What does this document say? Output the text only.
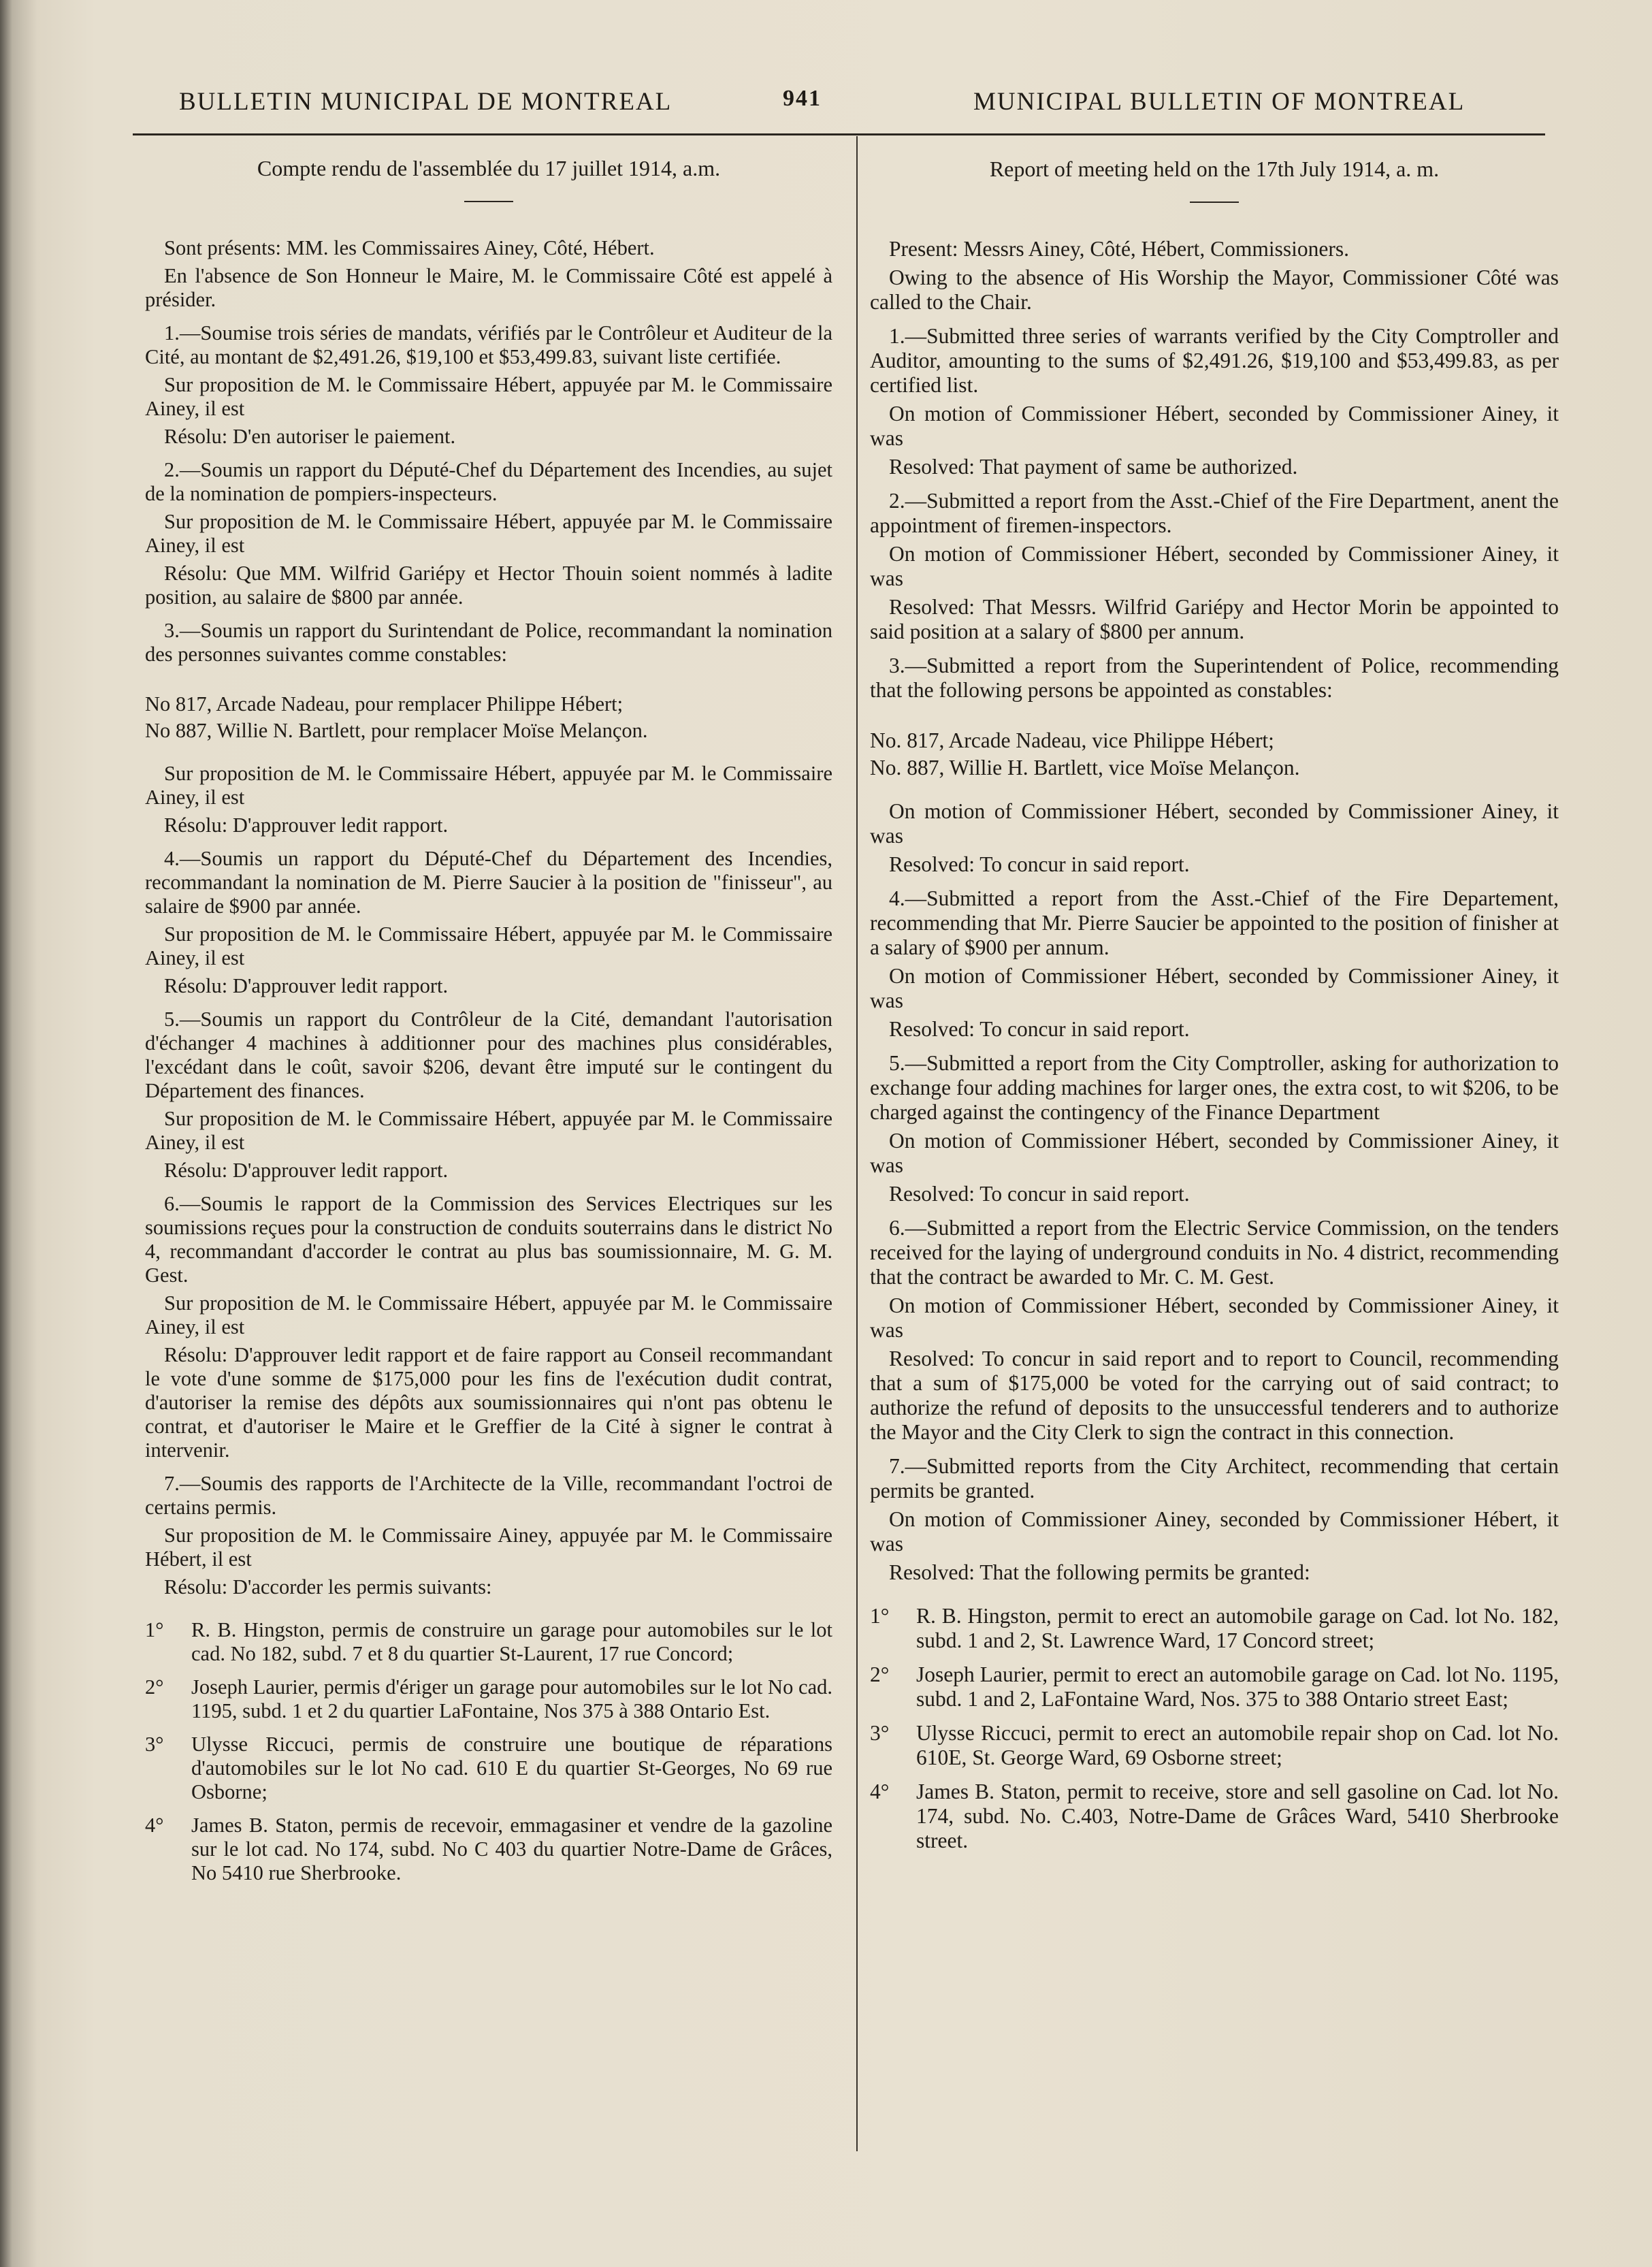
BULLETIN MUNICIPAL DE MONTREAL	941	MUNICIPAL BULLETIN OF MONTREAL
Compte rendu de l'assemblée du 17 juillet 1914, a.m.

Sont présents: MM. les Commissaires Ainey, Côté, Hébert.

En l'absence de Son Honneur le Maire, M. le Commissaire Côté est appelé à présider.

1.—Soumise trois séries de mandats, vérifiés par le Contrôleur et Auditeur de la Cité, au montant de $2,491.26, $19,100 et $53,499.83, suivant liste certifiée.

Sur proposition de M. le Commissaire Hébert, appuyée par M. le Commissaire Ainey, il est

Résolu: D'en autoriser le paiement.

2.—Soumis un rapport du Député-Chef du Département des Incendies, au sujet de la nomination de pompiers-inspecteurs.

Sur proposition de M. le Commissaire Hébert, appuyée par M. le Commissaire Ainey, il est

Résolu: Que MM. Wilfrid Gariépy et Hector Thouin soient nommés à ladite position, au salaire de $800 par année.

3.—Soumis un rapport du Surintendant de Police, recommandant la nomination des personnes suivantes comme constables:

No 817, Arcade Nadeau, pour remplacer Philippe Hébert;

No 887, Willie N. Bartlett, pour remplacer Moïse Melançon.

Sur proposition de M. le Commissaire Hébert, appuyée par M. le Commissaire Ainey, il est

Résolu: D'approuver ledit rapport.

4.—Soumis un rapport du Député-Chef du Département des Incendies, recommandant la nomination de M. Pierre Saucier à la position de "finisseur", au salaire de $900 par année.

Sur proposition de M. le Commissaire Hébert, appuyée par M. le Commissaire Ainey, il est

Résolu: D'approuver ledit rapport.

5.—Soumis un rapport du Contrôleur de la Cité, demandant l'autorisation d'échanger 4 machines à additionner pour des machines plus considérables, l'excédant dans le coût, savoir $206, devant être imputé sur le contingent du Département des finances.

Sur proposition de M. le Commissaire Hébert, appuyée par M. le Commissaire Ainey, il est

Résolu: D'approuver ledit rapport.

6.—Soumis le rapport de la Commission des Services Electriques sur les soumissions reçues pour la construction de conduits souterrains dans le district No 4, recommandant d'accorder le contrat au plus bas soumissionnaire, M. G. M. Gest.

Sur proposition de M. le Commissaire Hébert, appuyée par M. le Commissaire Ainey, il est

Résolu: D'approuver ledit rapport et de faire rapport au Conseil recommandant le vote d'une somme de $175,000 pour les fins de l'exécution dudit contrat, d'autoriser la remise des dépôts aux soumissionnaires qui n'ont pas obtenu le contrat, et d'autoriser le Maire et le Greffier de la Cité à signer le contrat à intervenir.

7.—Soumis des rapports de l'Architecte de la Ville, recommandant l'octroi de certains permis.

Sur proposition de M. le Commissaire Ainey, appuyée par M. le Commissaire Hébert, il est

Résolu: D'accorder les permis suivants:

1°	R. B. Hingston, permis de construire un garage pour automobiles sur le lot cad. No 182, subd. 7 et 8 du quartier St-Laurent, 17 rue Concord;
2°	Joseph Laurier, permis d'ériger un garage pour automobiles sur le lot No cad. 1195, subd. 1 et 2 du quartier LaFontaine, Nos 375 à 388 Ontario Est.
3°	Ulysse Riccuci, permis de construire une boutique de réparations d'automobiles sur le lot No cad. 610 E du quartier St-Georges, No 69 rue Osborne;
4°	James B. Staton, permis de recevoir, emmagasiner et vendre de la gazoline sur le lot cad. No 174, subd. No C 403 du quartier Notre-Dame de Grâces, No 5410 rue Sherbrooke.
Report of meeting held on the 17th July 1914, a. m.

Present: Messrs Ainey, Côté, Hébert, Commissioners.

Owing to the absence of His Worship the Mayor, Commissioner Côté was called to the Chair.

1.—Submitted three series of warrants verified by the City Comptroller and Auditor, amounting to the sums of $2,491.26, $19,100 and $53,499.83, as per certified list.

On motion of Commissioner Hébert, seconded by Commissioner Ainey, it was

Resolved: That payment of same be authorized.

2.—Submitted a report from the Asst.-Chief of the Fire Department, anent the appointment of firemen-inspectors.

On motion of Commissioner Hébert, seconded by Commissioner Ainey, it was

Resolved: That Messrs. Wilfrid Gariépy and Hector Morin be appointed to said position at a salary of $800 per annum.

3.—Submitted a report from the Superintendent of Police, recommending that the following persons be appointed as constables:

No. 817, Arcade Nadeau, vice Philippe Hébert;

No. 887, Willie H. Bartlett, vice Moïse Melançon.

On motion of Commissioner Hébert, seconded by Commissioner Ainey, it was

Resolved: To concur in said report.

4.—Submitted a report from the Asst.-Chief of the Fire Departement, recommending that Mr. Pierre Saucier be appointed to the position of finisher at a salary of $900 per annum.

On motion of Commissioner Hébert, seconded by Commissioner Ainey, it was

Resolved: To concur in said report.

5.—Submitted a report from the City Comptroller, asking for authorization to exchange four adding machines for larger ones, the extra cost, to wit $206, to be charged against the contingency of the Finance Department

On motion of Commissioner Hébert, seconded by Commissioner Ainey, it was

Resolved: To concur in said report.

6.—Submitted a report from the Electric Service Commission, on the tenders received for the laying of underground conduits in No. 4 district, recommending that the contract be awarded to Mr. C. M. Gest.

On motion of Commissioner Hébert, seconded by Commissioner Ainey, it was

Resolved: To concur in said report and to report to Council, recommending that a sum of $175,000 be voted for the carrying out of said contract; to authorize the refund of deposits to the unsuccessful tenderers and to authorize the Mayor and the City Clerk to sign the contract in this connection.

7.—Submitted reports from the City Architect, recommending that certain permits be granted.

On motion of Commissioner Ainey, seconded by Commissioner Hébert, it was

Resolved: That the following permits be granted:

1°	R. B. Hingston, permit to erect an automobile garage on Cad. lot No. 182, subd. 1 and 2, St. Lawrence Ward, 17 Concord street;
2°	Joseph Laurier, permit to erect an automobile garage on Cad. lot No. 1195, subd. 1 and 2, LaFontaine Ward, Nos. 375 to 388 Ontario street East;
3°	Ulysse Riccuci, permit to erect an automobile repair shop on Cad. lot No. 610E, St. George Ward, 69 Osborne street;
4°	James B. Staton, permit to receive, store and sell gasoline on Cad. lot No. 174, subd. No. C.403, Notre-Dame de Grâces Ward, 5410 Sherbrooke street.
